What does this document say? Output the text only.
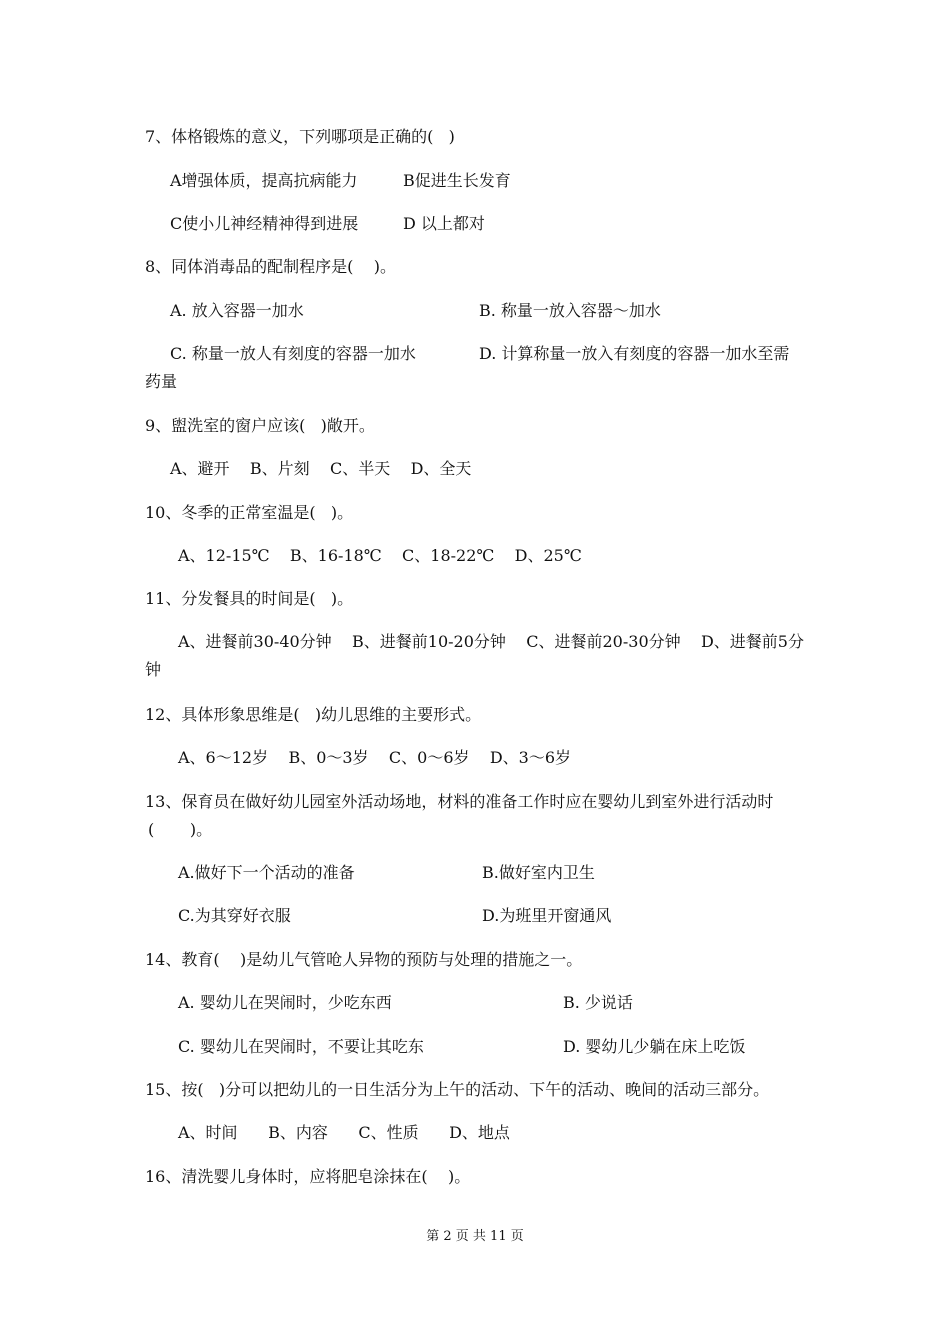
7、体格锻炼的意义，下列哪项是正确的(   )
A增强体质，提高抗病能力	B促进生长发育
C使小儿神经精神得到进展	D 以上都对
8、同体消毒品的配制程序是(    )。
A. 放入容器一加水	B. 称量一放入容器～加水
C. 称量一放人有刻度的容器一加水	D. 计算称量一放入有刻度的容器一加水至需
药量
9、盥洗室的窗户应该(   )敞开。
A、避开    B、片刻    C、半天    D、全天
10、冬季的正常室温是(   )。
A、12-15℃    B、16-18℃    C、18-22℃    D、25℃
11、分发餐具的时间是(   )。
A、进餐前30-40分钟    B、进餐前10-20分钟    C、进餐前20-30分钟    D、进餐前5分
钟
12、具体形象思维是(   )幼儿思维的主要形式。
A、6～12岁    B、0～3岁    C、0～6岁    D、3～6岁
13、保育员在做好幼儿园室外活动场地，材料的准备工作时应在婴幼儿到室外进行活动时
(       )。
A.做好下一个活动的准备	B.做好室内卫生
C.为其穿好衣服	D.为班里开窗通风
14、教育(    )是幼儿气管呛人异物的预防与处理的措施之一。
A. 婴幼儿在哭闹时，少吃东西	B. 少说话
C. 婴幼儿在哭闹时，不要让其吃东	D. 婴幼儿少躺在床上吃饭
15、按(   )分可以把幼儿的一日生活分为上午的活动、下午的活动、晚间的活动三部分。
A、时间      B、内容      C、性质      D、地点
16、清洗婴儿身体时，应将肥皂涂抹在(    )。
第 2 页 共 11 页
